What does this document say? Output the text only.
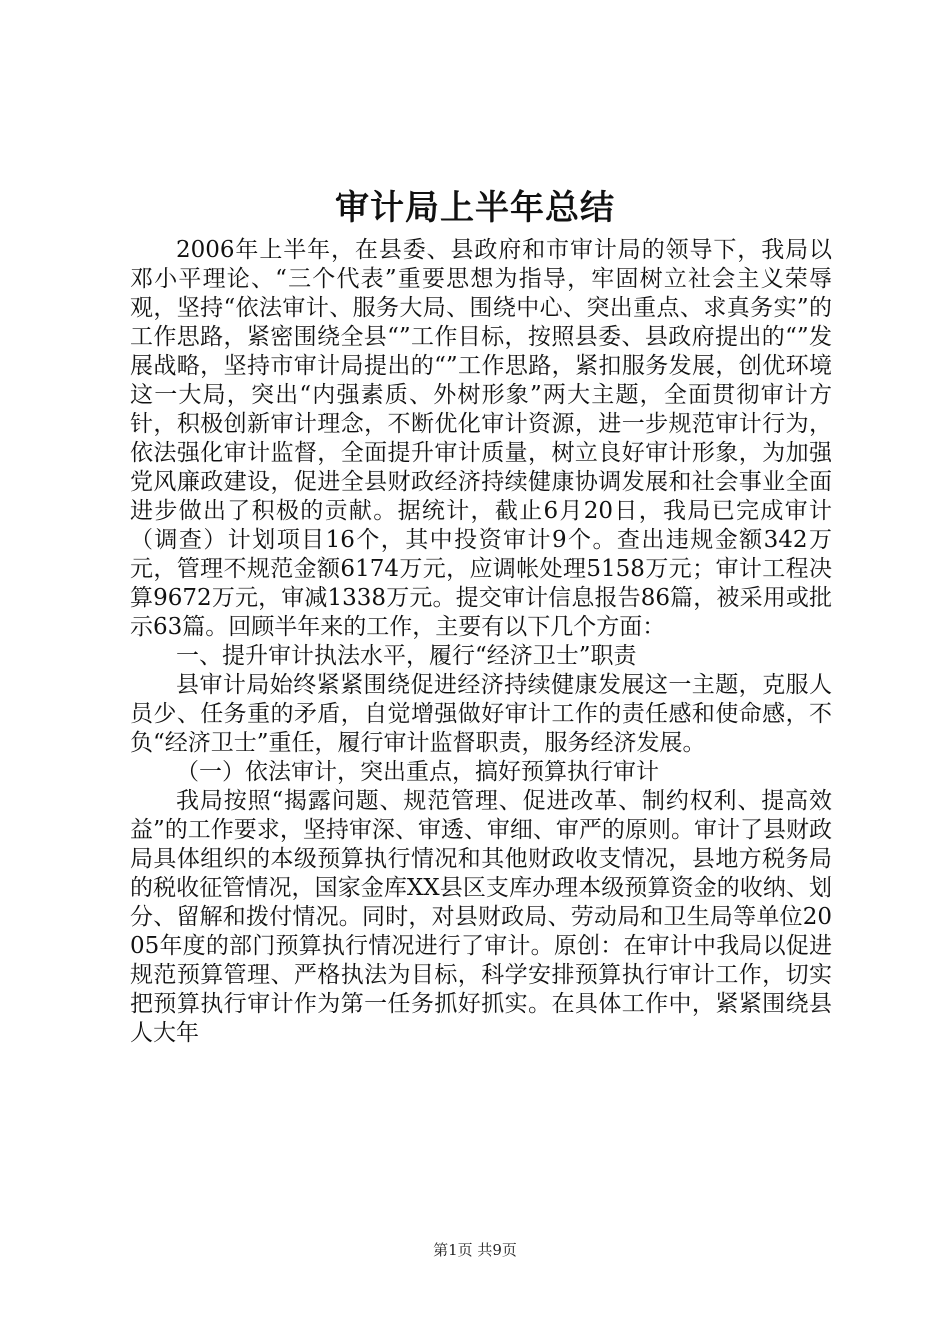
审计局上半年总结

2006年上半年，在县委、县政府和市审计局的领导下，我局以邓小平理论、“三个代表”重要思想为指导，牢固树立社会主义荣辱观，坚持“依法审计、服务大局、围绕中心、突出重点、求真务实”的工作思路，紧密围绕全县“”工作目标，按照县委、县政府提出的“”发展战略，坚持市审计局提出的“”工作思路，紧扣服务发展，创优环境这一大局，突出“内强素质、外树形象”两大主题，全面贯彻审计方针，积极创新审计理念，不断优化审计资源，进一步规范审计行为，依法强化审计监督，全面提升审计质量，树立良好审计形象，为加强党风廉政建设，促进全县财政经济持续健康协调发展和社会事业全面进步做出了积极的贡献。据统计，截止6月20日，我局已完成审计（调查）计划项目16个，其中投资审计9个。查出违规金额342万元，管理不规范金额6174万元，应调帐处理5158万元；审计工程决算9672万元，审减1338万元。提交审计信息报告86篇，被采用或批示63篇。回顾半年来的工作，主要有以下几个方面：

一、提升审计执法水平，履行“经济卫士”职责

县审计局始终紧紧围绕促进经济持续健康发展这一主题，克服人员少、任务重的矛盾，自觉增强做好审计工作的责任感和使命感，不负“经济卫士”重任，履行审计监督职责，服务经济发展。

（一）依法审计，突出重点，搞好预算执行审计

我局按照“揭露问题、规范管理、促进改革、制约权利、提高效益”的工作要求，坚持审深、审透、审细、审严的原则。审计了县财政局具体组织的本级预算执行情况和其他财政收支情况，县地方税务局的税收征管情况，国家金库XX县区支库办理本级预算资金的收纳、划分、留解和拨付情况。同时，对县财政局、劳动局和卫生局等单位2005年度的部门预算执行情况进行了审计。原创：在审计中我局以促进规范预算管理、严格执法为目标，科学安排预算执行审计工作，切实把预算执行审计作为第一任务抓好抓实。在具体工作中，紧紧围绕县人大年

第1页 共9页
